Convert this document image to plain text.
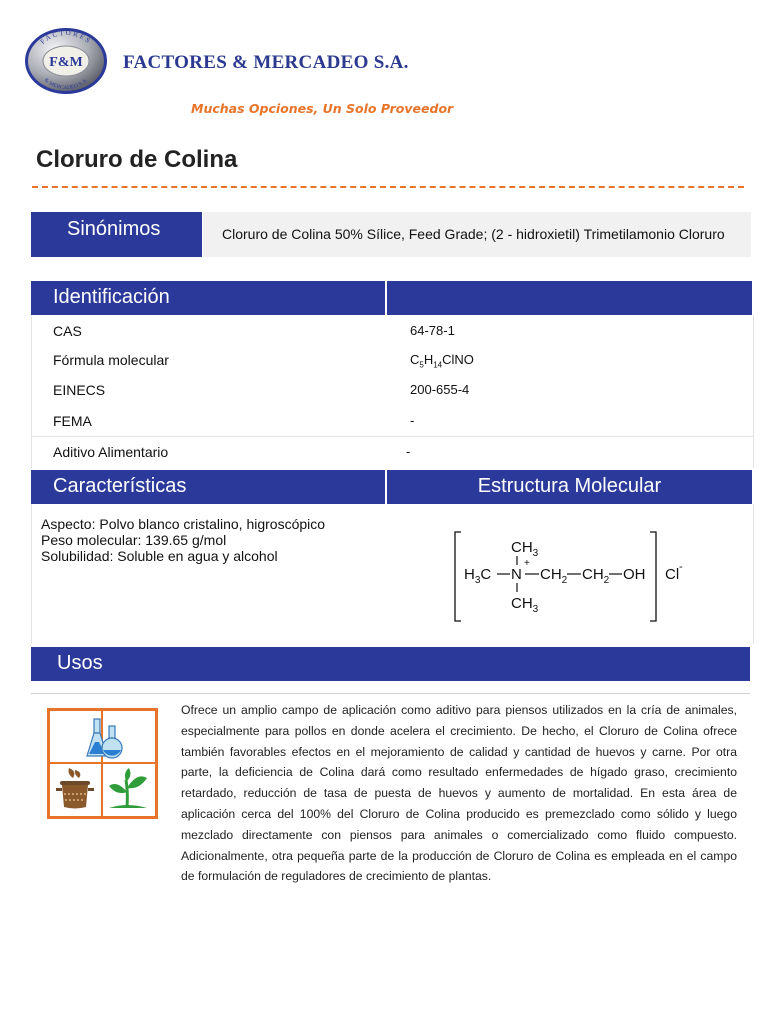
FACTORES
& MERCADEO S.A.
F&M FACTORES & MERCADEO S.A.
Muchas Opciones, Un Solo Proveedor
Cloruro de Colina
Sinónimos	Cloruro de Colina 50% Sílice, Feed Grade; (2 - hidroxietil) Trimetilamonio Cloruro
Identificación
CAS	64-78-1
Fórmula molecular	$C_5H_{14}ClNO$
EINECS	200-655-4
FEMA	-
Aditivo Alimentario	-
Características	Estructura Molecular
Aspecto: Polvo blanco cristalino, higroscópico
Peso molecular: 139.65 g/mol
Solubilidad: Soluble en agua y alcohol	$CH_3$
+
$H_3C$ N $CH_2$ $CH_2$ OH
$CH_3$
Cl -
Usos
Ofrece un amplio campo de aplicación como aditivo para piensos utilizados en la cría de animales, especialmente para pollos en donde acelera el crecimiento. De hecho, el Cloruro de Colina ofrece también favorables efectos en el mejoramiento de calidad y cantidad de huevos y carne. Por otra parte, la deficiencia de Colina dará como resultado enfermedades de hígado graso, crecimiento retardado, reducción de tasa de puesta de huevos y aumento de mortalidad. En esta área de aplicación cerca del 100% del Cloruro de Colina producido es premezclado como sólido y luego mezclado directamente con piensos para animales o comercializado como fluido compuesto. Adicionalmente, otra pequeña parte de la producción de Cloruro de Colina es empleada en el campo de formulación de reguladores de crecimiento de plantas.
